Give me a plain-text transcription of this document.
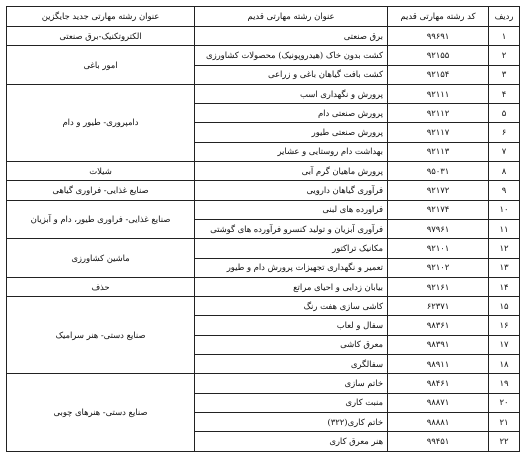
ردیف	کد رشته مهارتی قدیم	عنوان رشته مهارتی قدیم	عنوان رشته مهارتی جدید جایگزین
۱	۹۹۶۹۱	برق صنعتی	الکتروتکنیک-برق صنعتی
۲	۹۲۱۵۵	کشت بدون خاک (هیدروپونیک) محصولات کشاورزی	امور باغی
۳	۹۲۱۵۴	کشت بافت گیاهان باغی و زراعی	
۴	۹۲۱۱۱	پرورش و نگهداری اسب	دامپروری- طیور و دام
۵	۹۲۱۱۲	پرورش صنعتی دام	
۶	۹۲۱۱۷	پرورش صنعتی طیور	
۷	۹۲۱۱۳	بهداشت دام روستایی و عشایر	
۸	۹۵۰۳۱	پرورش ماهیان گرم آبی	شیلات
۹	۹۲۱۷۲	فرآوری گیاهان دارویی	صنایع غذایی- فراوری گیاهی
۱۰	۹۲۱۷۴	فراورده های لبنی	صنایع غذایی- فراوری طیور، دام و آبزیان
۱۱	۹۷۹۶۱	فرآوری آبزیان و تولید کنسرو فرآورده های گوشتی	
۱۲	۹۲۱۰۱	مکانیک تراکتور	ماشین کشاورزی
۱۳	۹۲۱۰۲	تعمیر و نگهداری تجهیزات پرورش دام و طیور	
۱۴	۹۲۱۶۱	بیابان زدایی و احیای مراتع	حذف
۱۵	۶۲۳۷۱	کاشی سازی هفت رنگ	صنایع دستی- هنر سرامیک
۱۶	۹۸۳۶۱	سفال و لعاب	
۱۷	۹۸۳۹۱	معرق کاشی	
۱۸	۹۸۹۱۱	سفالگری	
۱۹	۹۸۴۶۱	خاتم سازی	صنایع دستی- هنرهای چوبی
۲۰	۹۸۸۷۱	منبت کاری	
۲۱	۹۸۸۸۱	خاتم کاری(۳۲۲)	
۲۲	۹۹۴۵۱	هنر معرق کاری	
